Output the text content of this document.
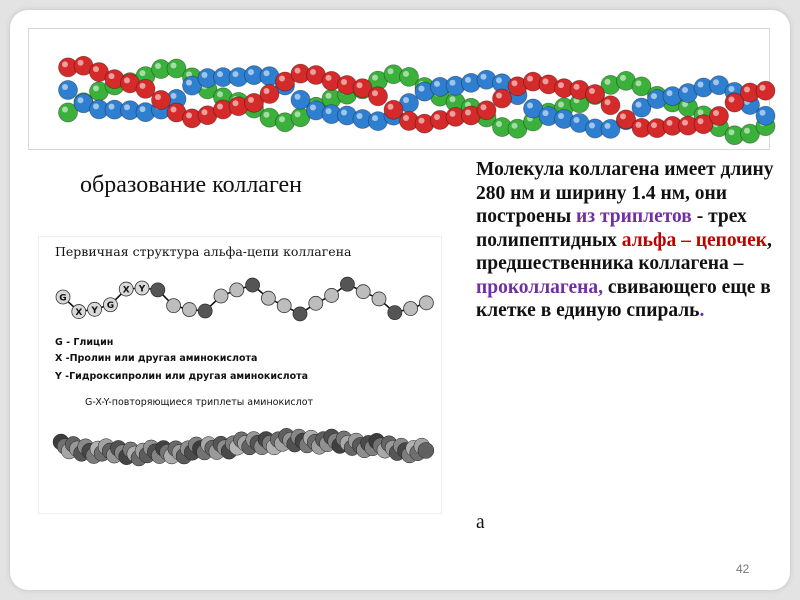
образование коллаген
Первичная структура альфа-цепи коллагена
G
X Y G
X Y
G - Глицин
X -Пролин или другая аминокислота
Y -Гидроксипролин или другая аминокислота
G-X-Y-повторяющиеся триплеты аминокислот
Молекула коллагена имеет длину 280 нм и ширину 1.4 нм, они построены из триплетов - трех полипептидных альфа – цепочек, предшественника коллагена – проколлагена, свивающего еще в клетке в единую спираль.
а
42
